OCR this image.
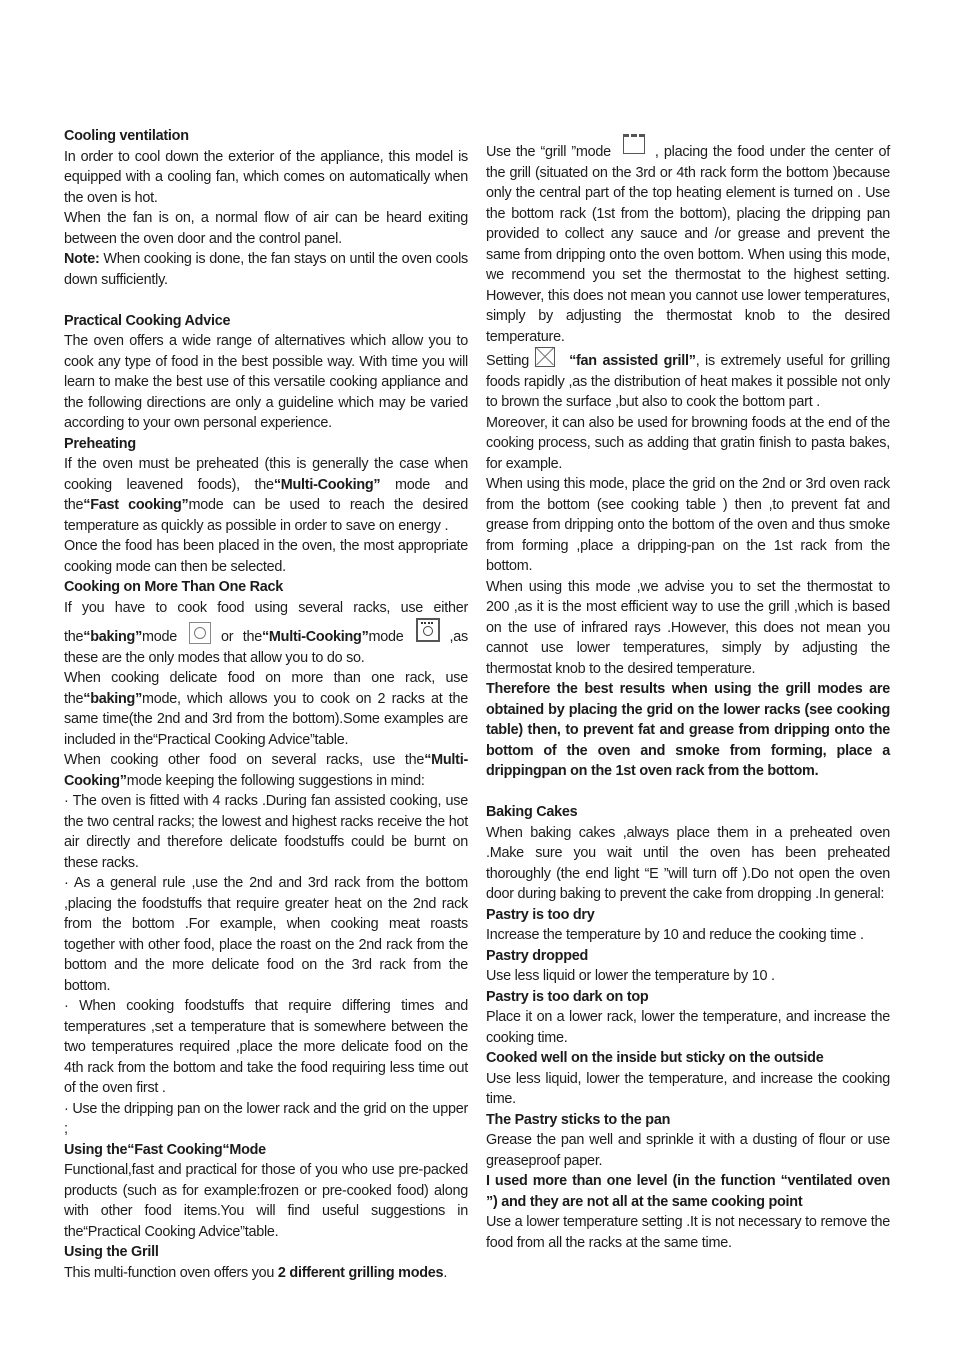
Cooling ventilation

In order to cool down the exterior of the appliance, this model is equipped with a cooling fan, which comes on automatically when the oven is hot.

When the fan is on, a normal flow of air can be heard exiting between the oven door and the control panel.

Note: When cooking is done, the fan stays on until the oven cools down sufficiently.

Practical Cooking Advice

The oven offers a wide range of alternatives which allow you to cook any type of food in the best possible way. With time you will learn to make the best use of this versatile cooking appliance and the following directions are only a guideline which may be varied according to your own personal experience.

Preheating

If the oven must be preheated (this is generally the case when cooking leavened foods), the“Multi-Cooking” mode and the“Fast cooking”mode can be used to reach the desired temperature as quickly as possible in order to save on energy .

Once the food has been placed in the oven, the most appropriate cooking mode can then be selected.

Cooking on More Than One Rack

If you have to cook food using several racks, use either the“baking”mode	or the“Multi-Cooking”mode	,as these are the only modes that allow you to do so.

When cooking delicate food on more than one rack, use the“baking”mode, which allows you to cook on 2 racks at the same time(the 2nd and 3rd from the bottom).Some examples are included in the“Practical Cooking Advice”table.

When cooking other food on several racks, use the“Multi-Cooking”mode keeping the following suggestions in mind:

· The oven is fitted with 4 racks .During fan assisted cooking, use the two central racks; the lowest and highest racks receive the hot air directly and therefore delicate foodstuffs could be burnt on these racks.

· As a general rule ,use the 2nd and 3rd rack from the bottom ,placing the foodstuffs that require greater heat on the 2nd rack from the bottom .For example, when cooking meat roasts together with other food, place the roast on the 2nd rack from the bottom and the more delicate food on the 3rd rack from the bottom.

· When cooking foodstuffs that require differing times and temperatures ,set a temperature that is somewhere between the two temperatures required ,place the more delicate food on the 4th rack from the bottom and take the food requiring less time out of the oven first .

· Use the dripping pan on the lower rack and the grid on the upper ;

Using the“Fast Cooking“Mode

Functional,fast and practical for those of you who use pre-packed products (such as for example:frozen or pre-cooked food) along with other food items.You will find useful suggestions in the“Practical Cooking Advice”table.

Using the Grill

This multi-function oven offers you 2 different grilling modes.

Use the “grill ”mode	, placing the food under the center of the grill (situated on the 3rd or 4th rack form the bottom )because only the central part of the top heating element is turned on . Use the bottom rack (1st from the bottom), placing the dripping pan provided to collect any sauce and /or grease and prevent the same from dripping onto the oven bottom. When using this mode, we recommend you set the thermostat to the highest setting. However, this does not mean you cannot use lower temperatures, simply by adjusting the thermostat knob to the desired temperature.

Setting	“fan assisted grill”, is extremely useful for grilling foods rapidly ,as the distribution of heat makes it possible not only to brown the surface ,but also to cook the bottom part .

Moreover, it can also be used for browning foods at the end of the cooking process, such as adding that gratin finish to pasta bakes, for example.

When using this mode, place the grid on the 2nd or 3rd oven rack from the bottom (see cooking table ) then ,to prevent fat and grease from dripping onto the bottom of the oven and thus smoke from forming ,place a dripping-pan on the 1st rack from the bottom.

When using this mode ,we advise you to set the thermostat to 200 ,as it is the most efficient way to use the grill ,which is based on the use of infrared rays .However, this does not mean you cannot use lower temperatures, simply by adjusting the thermostat knob to the desired temperature.

Therefore the best results when using the grill modes are obtained by placing the grid on the lower racks (see cooking table) then, to prevent fat and grease from dripping onto the bottom of the oven and smoke from forming, place a drippingpan on the 1st oven rack from the bottom.

Baking Cakes

When baking cakes ,always place them in a preheated oven .Make sure you wait until the oven has been preheated thoroughly (the end light “E ”will turn off ).Do not open the oven door during baking to prevent the cake from dropping .In general:

Pastry is too dry

Increase the temperature by 10 and reduce the cooking time .

Pastry dropped

Use less liquid or lower the temperature by 10 .

Pastry is too dark on top

Place it on a lower rack, lower the temperature, and increase the cooking time.

Cooked well on the inside but sticky on the outside

Use less liquid, lower the temperature, and increase the cooking time.

The Pastry sticks to the pan

Grease the pan well and sprinkle it with a dusting of flour or use greaseproof paper.

I used more than one level (in the function “ventilated oven ”) and they are not all at the same cooking point

Use a lower temperature setting .It is not necessary to remove the food from all the racks at the same time.
